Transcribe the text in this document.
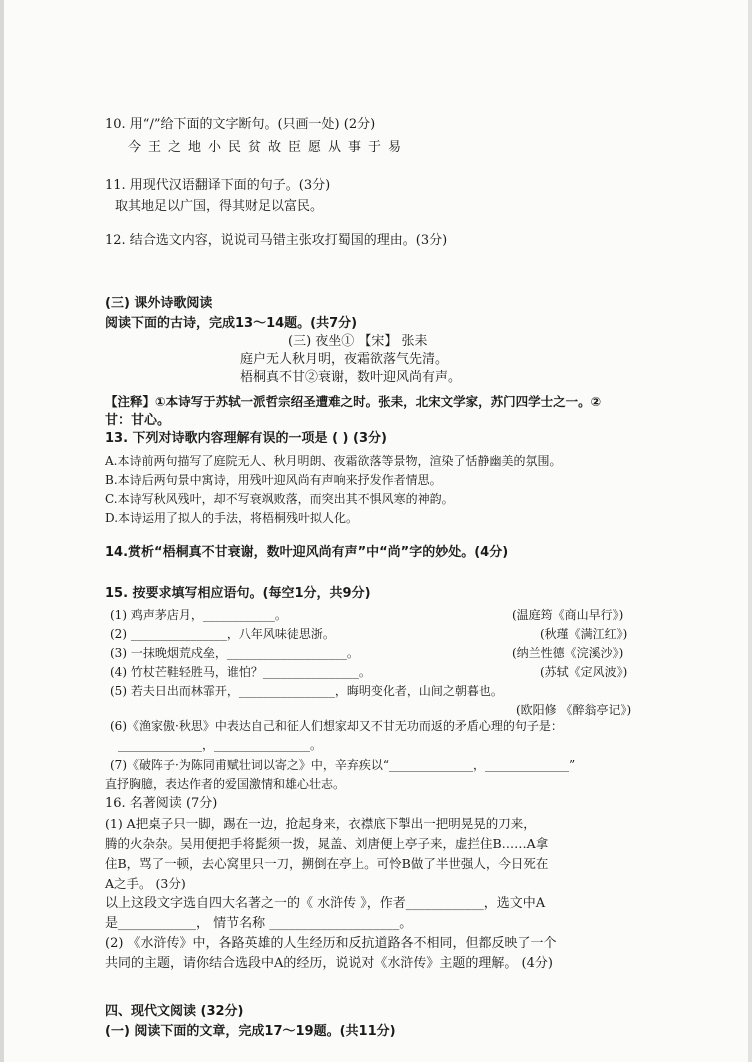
10. 用“/”给下面的文字断句。(只画一处) (2分)
今王之地小民贫故臣愿从事于易
11. 用现代汉语翻译下面的句子。(3分)
取其地足以广国，得其财足以富民。
12. 结合选文内容，说说司马错主张攻打蜀国的理由。(3分)
(三) 课外诗歌阅读
阅读下面的古诗，完成13～14题。(共7分)
(三) 夜坐① 【宋】 张耒
庭户无人秋月明，夜霜欲落气先清。
梧桐真不甘②衰谢，数叶迎风尚有声。
【注释】①本诗写于苏轼一派哲宗绍圣遭难之时。张耒，北宋文学家，苏门四学士之一。②
甘：甘心。
13. 下列对诗歌内容理解有误的一项是 ( ) (3分)
A.本诗前两句描写了庭院无人、秋月明朗、夜霜欲落等景物，渲染了恬静幽美的氛围。
B.本诗后两句景中寓诗，用残叶迎风尚有声响来抒发作者情思。
C.本诗写秋风残叶，却不写衰飒败落，而突出其不惧风寒的神韵。
D.本诗运用了拟人的手法，将梧桐残叶拟人化。
14.赏析“梧桐真不甘衰谢，数叶迎风尚有声”中“尚”字的妙处。(4分)
15. 按要求填写相应语句。(每空1分，共9分)
(1) 鸡声茅店月，____________。	(温庭筠《商山早行》)
(2) ________________，八年风味徒思浙。	(秋瑾《满江红》)
(3) 一抹晚烟荒戍垒，____________________。	(纳兰性德《浣溪沙》)
(4) 竹杖芒鞋轻胜马，谁怕？________________。	(苏轼《定风波》)
(5) 若夫日出而林霏开，________________，晦明变化者，山间之朝暮也。
(欧阳修 《醉翁亭记》)
(6)《渔家傲·秋思》中表达自己和征人们想家却又不甘无功而返的矛盾心理的句子是：
______________，________________。
(7)《破阵子·为陈同甫赋壮词以寄之》中，辛弃疾以“______________，______________”
直抒胸臆，表达作者的爱国激情和雄心壮志。
16. 名著阅读 (7分)
(1) A把桌子只一脚，踢在一边，抢起身来，衣襟底下掣出一把明晃晃的刀来，
腾的火杂杂。吴用便把手将髭须一拨，晁盖、刘唐便上亭子来，虚拦住B……A拿
住B，骂了一顿，去心窝里只一刀，搠倒在亭上。可怜B做了半世强人，今日死在
A之手。 (3分)
以上这段文字选自四大名著之一的《 水浒传 》，作者____________，选文中A
是____________， 情节名称 ____________________。
(2) 《水浒传》中，各路英雄的人生经历和反抗道路各不相同，但都反映了一个
共同的主题，请你结合选段中A的经历，说说对《水浒传》主题的理解。 (4分)
四、现代文阅读 (32分)
(一) 阅读下面的文章，完成17～19题。(共11分)
